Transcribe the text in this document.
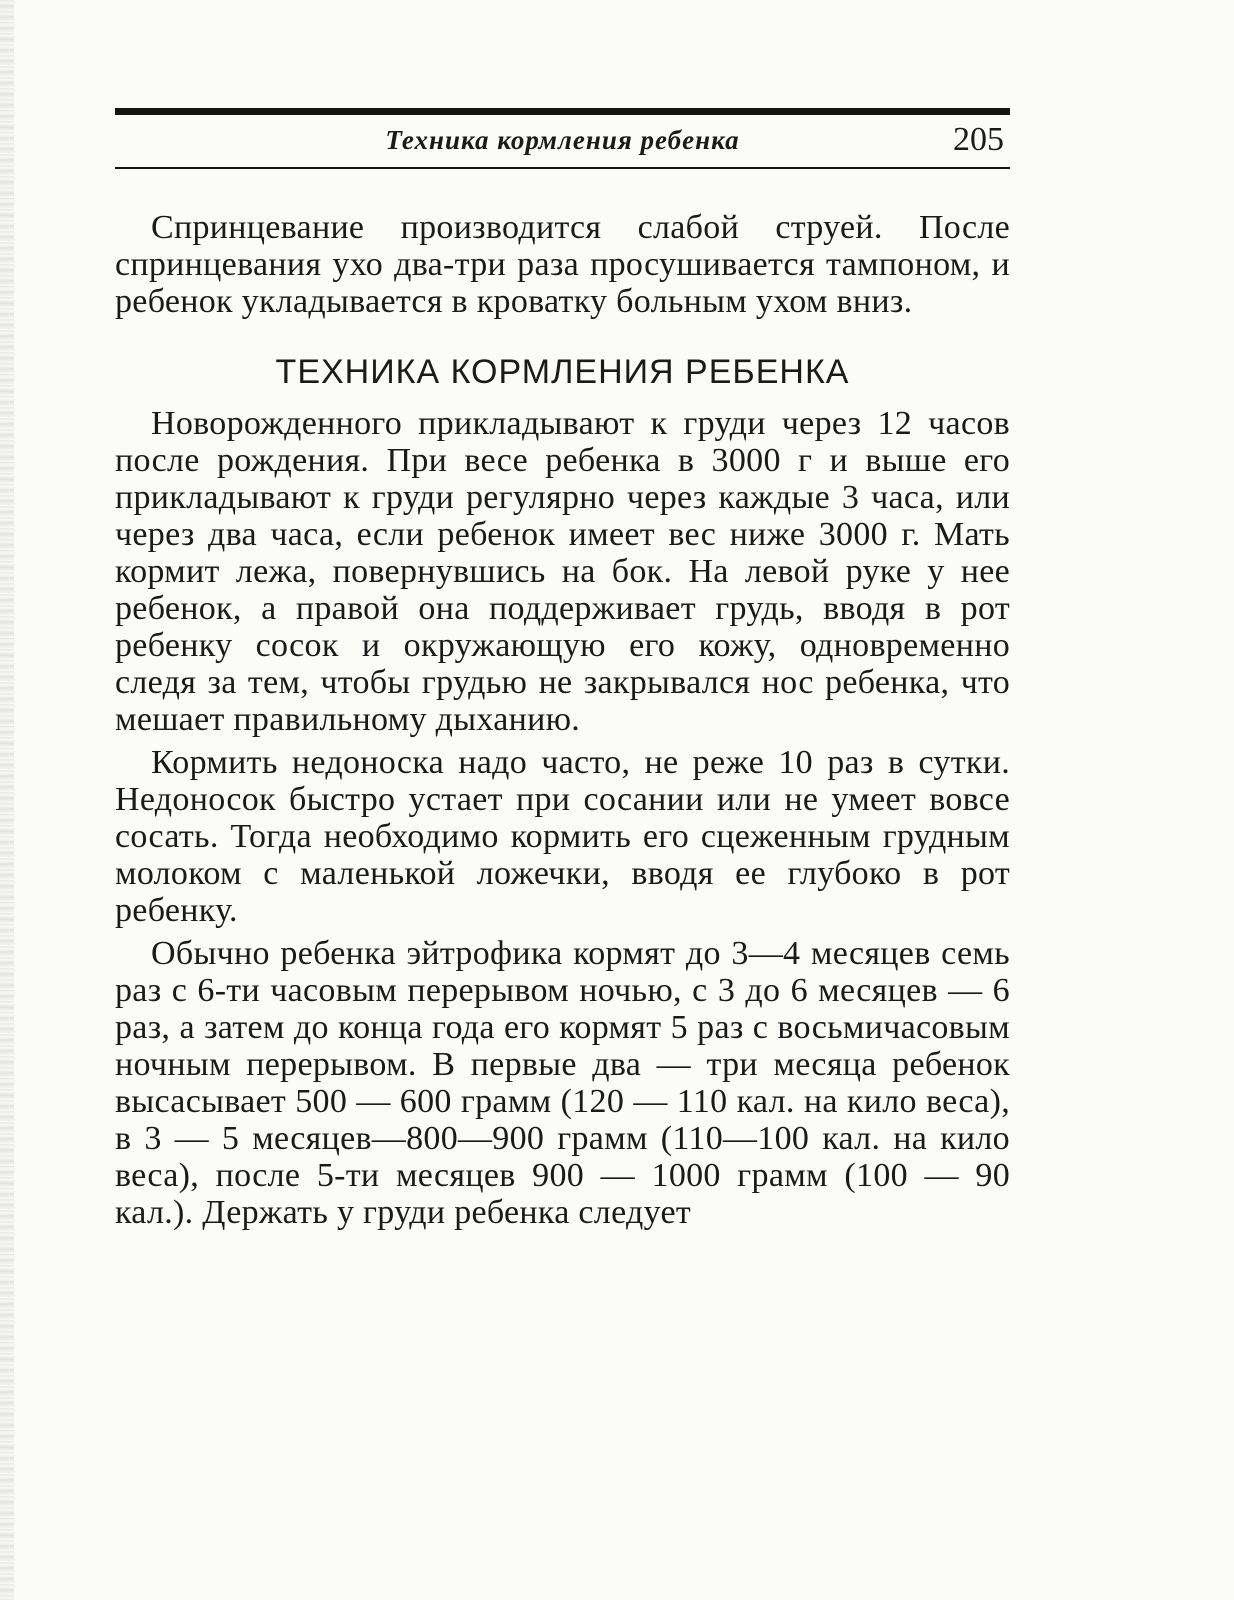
Техника кормления ребенка	205

Спринцевание производится слабой струей. После спринцевания ухо два-три раза просушивается тампоном, и ребенок укладывается в кроватку больным ухом вниз.

ТЕХНИКА КОРМЛЕНИЯ РЕБЕНКА

Новорожденного прикладывают к груди через 12 часов после рождения. При весе ребенка в 3000 г и выше его прикладывают к груди регулярно через каждые 3 часа, или через два часа, если ребенок имеет вес ниже 3000 г. Мать кормит лежа, повернувшись на бок. На левой руке у нее ребенок, а правой она поддерживает грудь, вводя в рот ребенку сосок и окружающую его кожу, одновременно следя за тем, чтобы грудью не закрывался нос ребенка, что мешает правильному дыханию.

Кормить недоноска надо часто, не реже 10 раз в сутки. Недоносок быстро устает при сосании или не умеет вовсе сосать. Тогда необходимо кормить его сцеженным грудным молоком с маленькой ложечки, вводя ее глубоко в рот ребенку.

Обычно ребенка эйтрофика кормят до 3—4 месяцев семь раз с 6-ти часовым перерывом ночью, с 3 до 6 месяцев — 6 раз, а затем до конца года его кормят 5 раз с восьмичасовым ночным перерывом. В первые два — три месяца ребенок высасывает 500 — 600 грамм (120 — 110 кал. на кило веса), в 3 — 5 месяцев—800—900 грамм (110—100 кал. на кило веса), после 5-ти месяцев 900 — 1000 грамм (100 — 90 кал.). Держать у груди ребенка следует
